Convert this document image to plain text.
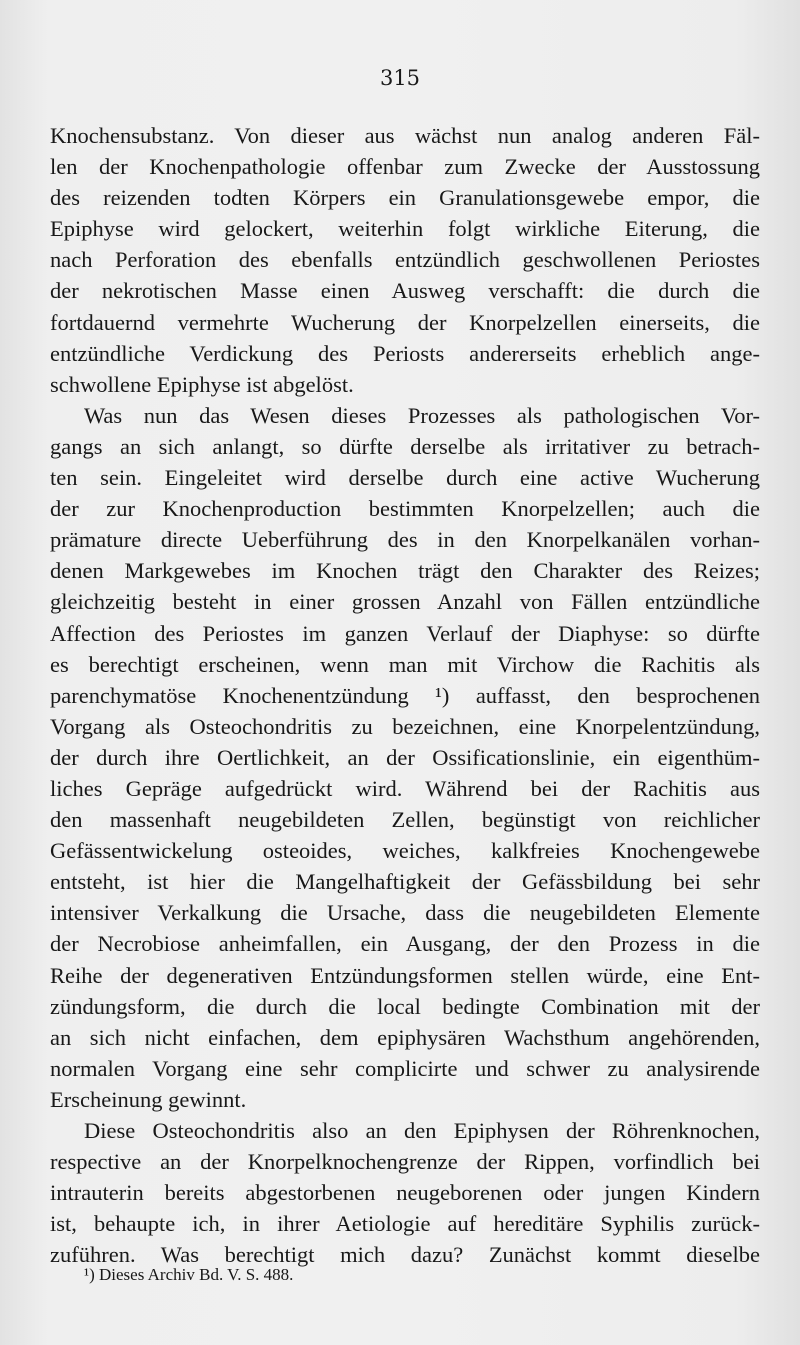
315
Knochensubstanz. Von dieser aus wächst nun analog anderen Fäl-
len der Knochenpathologie offenbar zum Zwecke der Ausstossung
des reizenden todten Körpers ein Granulationsgewebe empor, die
Epiphyse wird gelockert, weiterhin folgt wirkliche Eiterung, die
nach Perforation des ebenfalls entzündlich geschwollenen Periostes
der nekrotischen Masse einen Ausweg verschafft: die durch die
fortdauernd vermehrte Wucherung der Knorpelzellen einerseits, die
entzündliche Verdickung des Periosts andererseits erheblich ange-
schwollene Epiphyse ist abgelöst.
Was nun das Wesen dieses Prozesses als pathologischen Vor-
gangs an sich anlangt, so dürfte derselbe als irritativer zu betrach-
ten sein. Eingeleitet wird derselbe durch eine active Wucherung
der zur Knochenproduction bestimmten Knorpelzellen; auch die
prämature directe Ueberführung des in den Knorpelkanälen vorhan-
denen Markgewebes im Knochen trägt den Charakter des Reizes;
gleichzeitig besteht in einer grossen Anzahl von Fällen entzündliche
Affection des Periostes im ganzen Verlauf der Diaphyse: so dürfte
es berechtigt erscheinen, wenn man mit Virchow die Rachitis als
parenchymatöse Knochenentzündung ¹) auffasst, den besprochenen
Vorgang als Osteochondritis zu bezeichnen, eine Knorpelentzündung,
der durch ihre Oertlichkeit, an der Ossificationslinie, ein eigenthüm-
liches Gepräge aufgedrückt wird. Während bei der Rachitis aus
den massenhaft neugebildeten Zellen, begünstigt von reichlicher
Gefässentwickelung osteoides, weiches, kalkfreies Knochengewebe
entsteht, ist hier die Mangelhaftigkeit der Gefässbildung bei sehr
intensiver Verkalkung die Ursache, dass die neugebildeten Elemente
der Necrobiose anheimfallen, ein Ausgang, der den Prozess in die
Reihe der degenerativen Entzündungsformen stellen würde, eine Ent-
zündungsform, die durch die local bedingte Combination mit der
an sich nicht einfachen, dem epiphysären Wachsthum angehörenden,
normalen Vorgang eine sehr complicirte und schwer zu analysirende
Erscheinung gewinnt.
Diese Osteochondritis also an den Epiphysen der Röhrenknochen,
respective an der Knorpelknochengrenze der Rippen, vorfindlich bei
intrauterin bereits abgestorbenen neugeborenen oder jungen Kindern
ist, behaupte ich, in ihrer Aetiologie auf hereditäre Syphilis zurück-
zuführen. Was berechtigt mich dazu? Zunächst kommt dieselbe
¹) Dieses Archiv Bd. V. S. 488.
